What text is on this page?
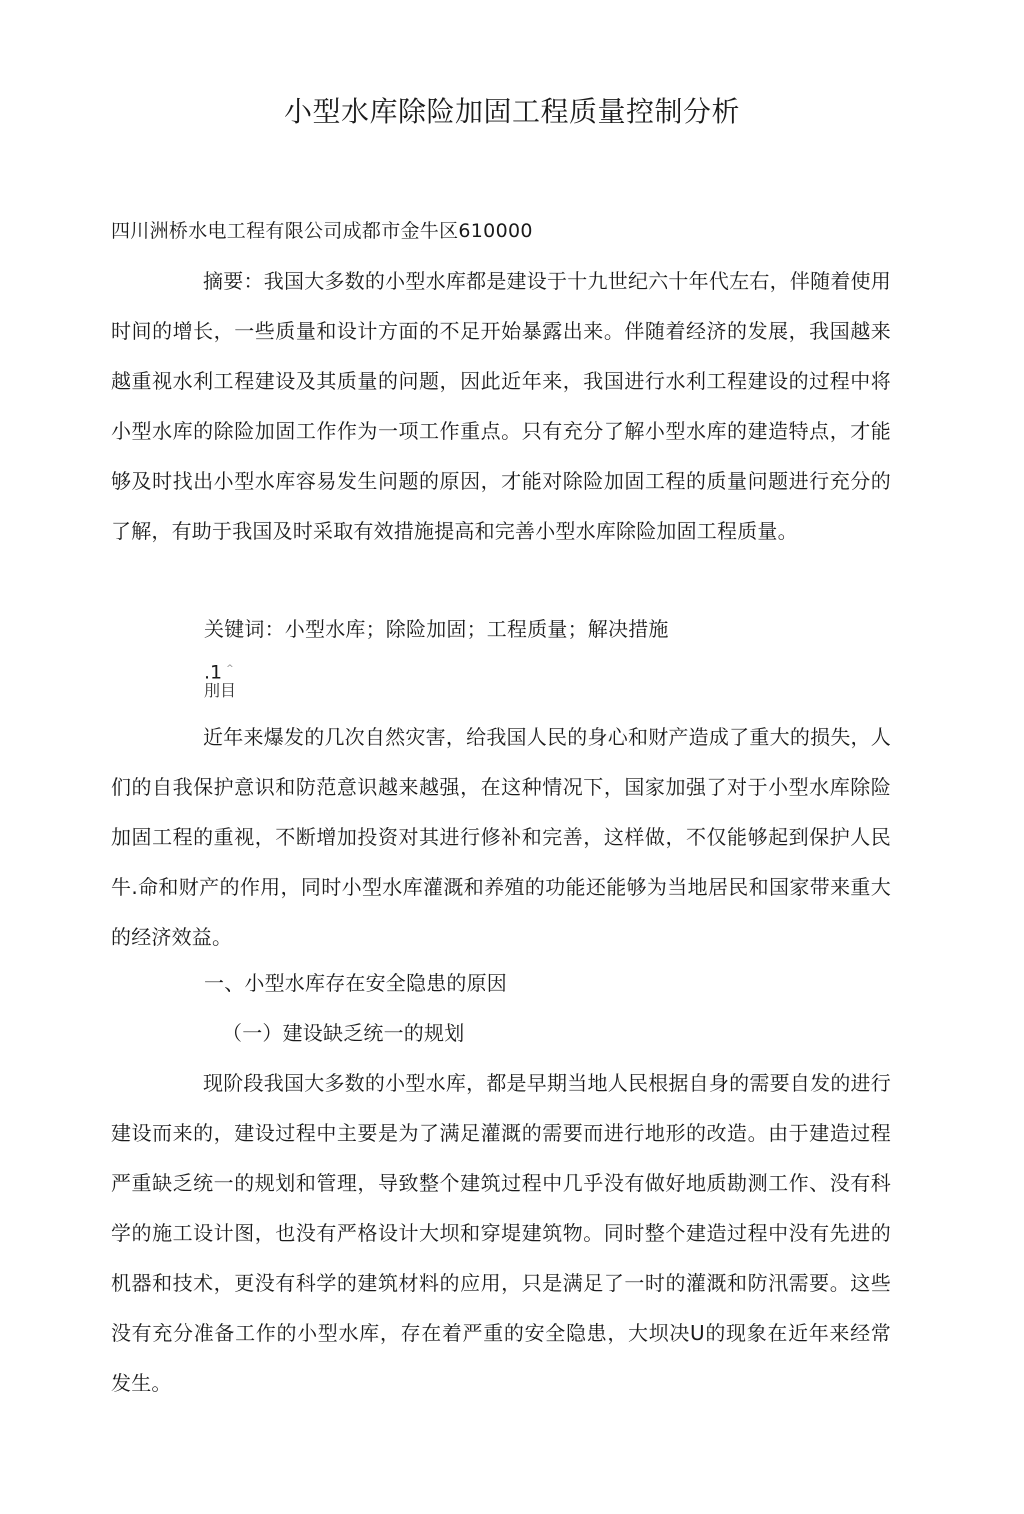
小型水库除险加固工程质量控制分析
四川洲桥水电工程有限公司成都市金牛区610000

摘要：我国大多数的小型水库都是建设于十九世纪六十年代左右，伴随着使用时间的增长，一些质量和设计方面的不足开始暴露出来。伴随着经济的发展，我国越来越重视水利工程建设及其质量的问题，因此近年来，我国进行水利工程建设的过程中将小型水库的除险加固工作作为一项工作重点。只有充分了解小型水库的建造特点，才能够及时找出小型水库容易发生问题的原因，才能对除险加固工程的质量问题进行充分的了解，有助于我国及时采取有效措施提高和完善小型水库除险加固工程质量。

关键词：小型水库；除险加固；工程质量；解决措施
.1 ^
刖目

近年来爆发的几次自然灾害，给我国人民的身心和财产造成了重大的损失，人们的自我保护意识和防范意识越来越强，在这种情况下，国家加强了对于小型水库除险加固工程的重视，不断增加投资对其进行修补和完善，这样做，不仅能够起到保护人民牛.命和财产的作用，同时小型水库灌溉和养殖的功能还能够为当地居民和国家带来重大的经济效益。

一、小型水库存在安全隐患的原因
（一）建设缺乏统一的规划

现阶段我国大多数的小型水库，都是早期当地人民根据自身的需要自发的进行建设而来的，建设过程中主要是为了满足灌溉的需要而进行地形的改造。由于建造过程严重缺乏统一的规划和管理，导致整个建筑过程中几乎没有做好地质勘测工作、没有科学的施工设计图，也没有严格设计大坝和穿堤建筑物。同时整个建造过程中没有先进的机器和技术，更没有科学的建筑材料的应用，只是满足了一时的灌溉和防汛需要。这些没有充分准备工作的小型水库，存在着严重的安全隐患，大坝决U的现象在近年来经常发生。
